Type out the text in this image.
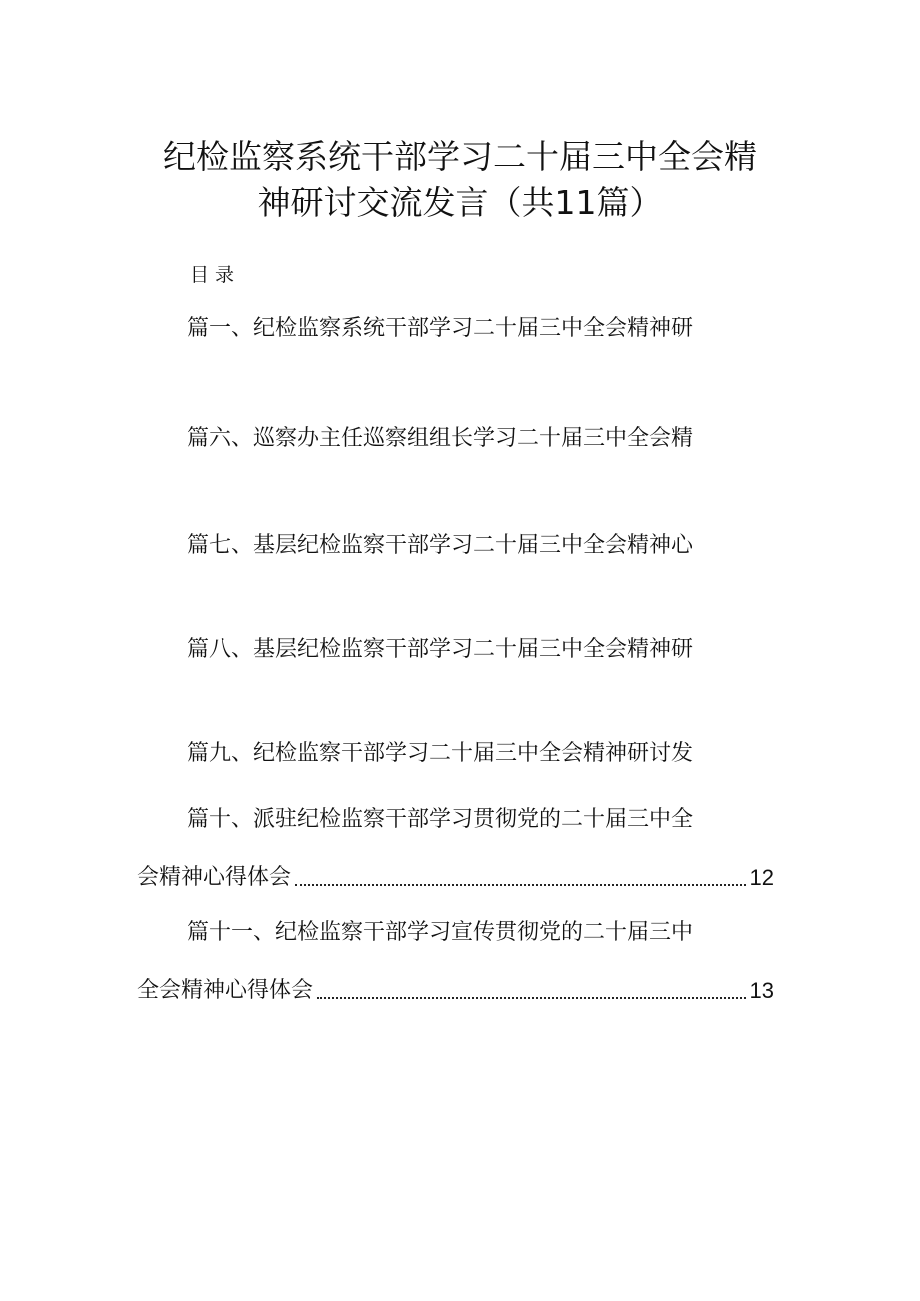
纪检监察系统干部学习二十届三中全会精
神研讨交流发言（共11篇）
目录
篇一、纪检监察系统干部学习二十届三中全会精神研
篇六、巡察办主任巡察组组长学习二十届三中全会精
篇七、基层纪检监察干部学习二十届三中全会精神心
篇八、基层纪检监察干部学习二十届三中全会精神研
篇九、纪检监察干部学习二十届三中全会精神研讨发
篇十、派驻纪检监察干部学习贯彻党的二十届三中全
会精神心得体会	12
篇十一、纪检监察干部学习宣传贯彻党的二十届三中
全会精神心得体会	13
